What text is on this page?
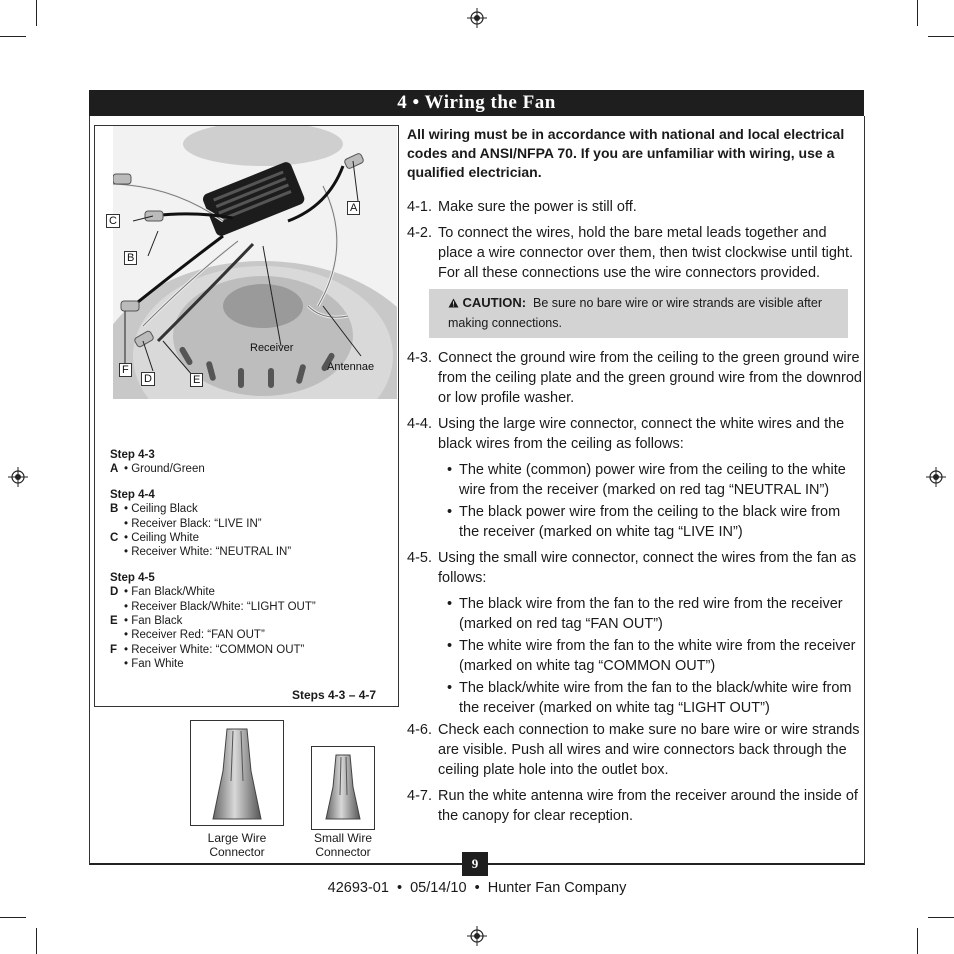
4 • Wiring the Fan
A
B
C
D	E
F
Receiver
Antennae
Step 4-3
A • Ground/Green
Step 4-4
B • Ceiling Black
• Receiver Black: “LIVE IN”
C • Ceiling White
• Receiver White: “NEUTRAL IN”
Step 4-5
D • Fan Black/White
• Receiver Black/White: “LIGHT OUT”
E • Fan Black
• Receiver Red: “FAN OUT”
F • Receiver White: “COMMON OUT”
• Fan White
Steps 4-3 – 4-7
Large Wire Connector
Small Wire Connector

All wiring must be in accordance with national and local electrical codes and ANSI/NFPA 70. If you are unfamiliar with wiring, use a qualified electrician.

4-1. Make sure the power is still off.
4-2. To connect the wires, hold the bare metal leads together and place a wire connector over them, then twist clockwise until tight. For all these connections use the wire connectors provided.
CAUTION: Be sure no bare wire or wire strands are visible after making connections.
4-3. Connect the ground wire from the ceiling to the green ground wire from the ceiling plate and the green ground wire from the downrod or low profile washer.
4-4. Using the large wire connector, connect the white wires and the black wires from the ceiling as follows:
• The white (common) power wire from the ceiling to the white wire from the receiver (marked on red tag “NEUTRAL IN”)
• The black power wire from the ceiling to the black wire from the receiver (marked on white tag “LIVE IN”)
4-5. Using the small wire connector, connect the wires from the fan as follows:
• The black wire from the fan to the red wire from the receiver (marked on red tag “FAN OUT”)
• The white wire from the fan to the white wire from the receiver (marked on white tag “COMMON OUT”)
• The black/white wire from the fan to the black/white wire from the receiver (marked on white tag “LIGHT OUT”)
4-6. Check each connection to make sure no bare wire or wire strands are visible. Push all wires and wire connectors back through the ceiling plate hole into the outlet box.
4-7. Run the white antenna wire from the receiver around the inside of the canopy for clear reception.
9
42693-01  •  05/14/10  •  Hunter Fan Company
